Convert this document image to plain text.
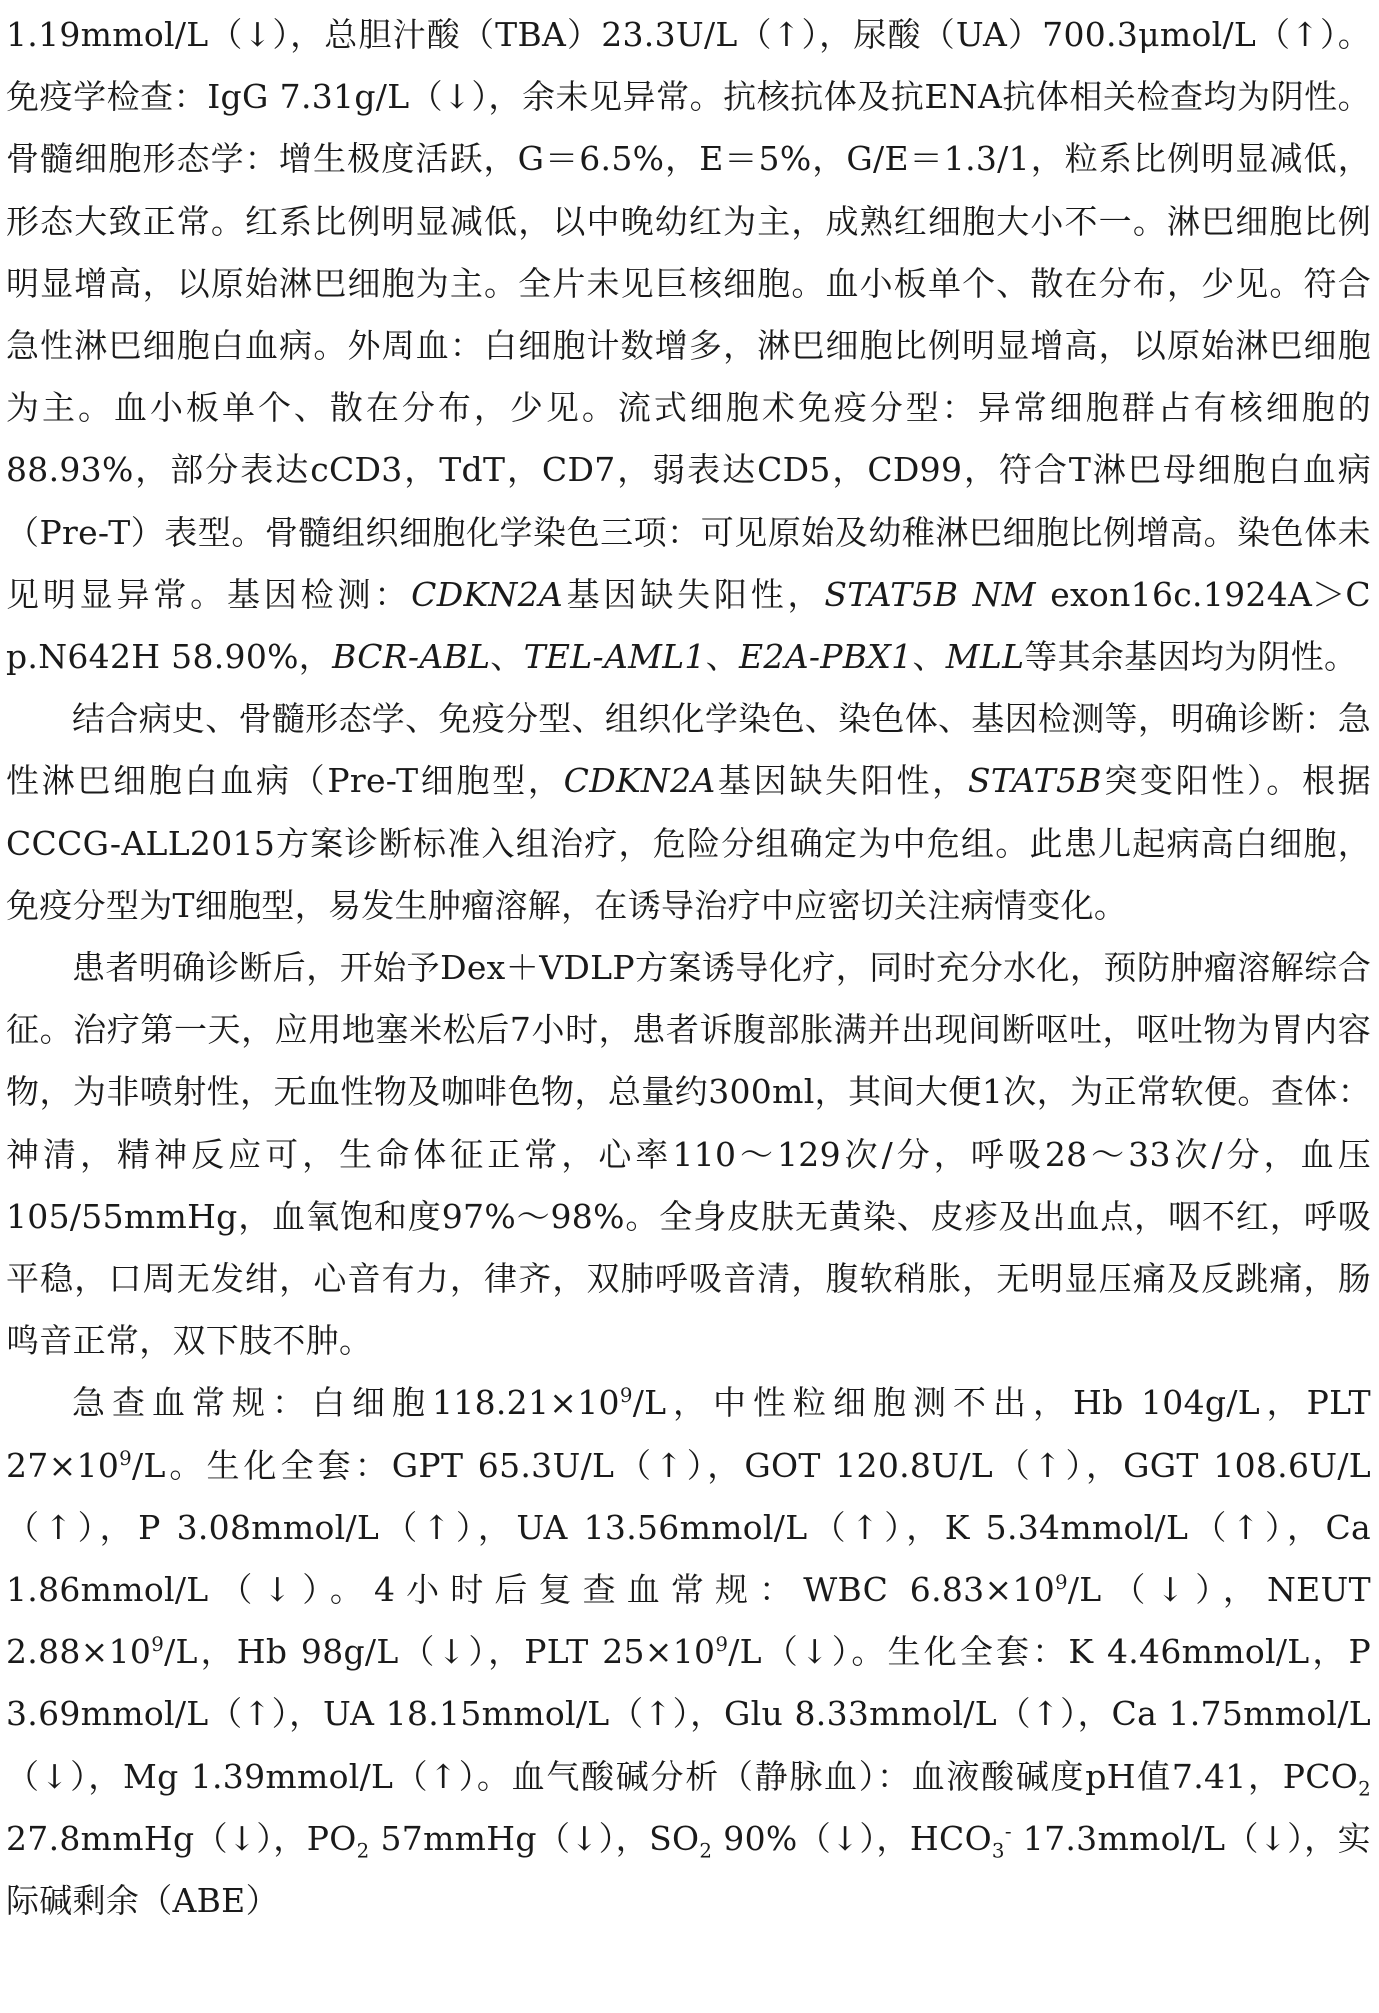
1.19mmol/L（↓），总胆汁酸（TBA）23.3U/L（↑），尿酸（UA）700.3μmol/L（↑）。免疫学检查：IgG 7.31g/L（↓），余未见异常。抗核抗体及抗ENA抗体相关检查均为阴性。骨髓细胞形态学：增生极度活跃，G＝6.5%，E＝5%，G/E＝1.3/1，粒系比例明显减低，形态大致正常。红系比例明显减低，以中晚幼红为主，成熟红细胞大小不一。淋巴细胞比例明显增高，以原始淋巴细胞为主。全片未见巨核细胞。血小板单个、散在分布，少见。符合急性淋巴细胞白血病。外周血：白细胞计数增多，淋巴细胞比例明显增高，以原始淋巴细胞为主。血小板单个、散在分布，少见。流式细胞术免疫分型：异常细胞群占有核细胞的88.93%，部分表达cCD3，TdT，CD7，弱表达CD5，CD99，符合T淋巴母细胞白血病（Pre-T）表型。骨髓组织细胞化学染色三项：可见原始及幼稚淋巴细胞比例增高。染色体未见明显异常。基因检测：CDKN2A基因缺失阳性，STAT5B NM exon16c.1924A＞C p.N642H 58.90%，BCR-ABL、TEL-AML1、E2A-PBX1、MLL等其余基因均为阴性。

结合病史、骨髓形态学、免疫分型、组织化学染色、染色体、基因检测等，明确诊断：急性淋巴细胞白血病（Pre-T细胞型，CDKN2A基因缺失阳性，STAT5B突变阳性）。根据CCCG-ALL2015方案诊断标准入组治疗，危险分组确定为中危组。此患儿起病高白细胞，免疫分型为T细胞型，易发生肿瘤溶解，在诱导治疗中应密切关注病情变化。

患者明确诊断后，开始予Dex＋VDLP方案诱导化疗，同时充分水化，预防肿瘤溶解综合征。治疗第一天，应用地塞米松后7小时，患者诉腹部胀满并出现间断呕吐，呕吐物为胃内容物，为非喷射性，无血性物及咖啡色物，总量约300ml，其间大便1次，为正常软便。查体：神清，精神反应可，生命体征正常，心率110～129次/分，呼吸28～33次/分，血压105/55mmHg，血氧饱和度97%～98%。全身皮肤无黄染、皮疹及出血点，咽不红，呼吸平稳，口周无发绀，心音有力，律齐，双肺呼吸音清，腹软稍胀，无明显压痛及反跳痛，肠鸣音正常，双下肢不肿。

急查血常规：白细胞$118.21\times 10^9/L$，中性粒细胞测不出，Hb 104g/L，PLT $27\times 10^9/L$。生化全套：GPT 65.3U/L（↑），GOT 120.8U/L（↑），GGT 108.6U/L（↑），P 3.08mmol/L（↑），UA 13.56mmol/L（↑），K 5.34mmol/L（↑），Ca 1.86mmol/L（↓）。4小时后复查血常规：WBC $6.83\times 10^9/L(↓)$，NEUT $2.88\times 10^9/L$，Hb 98g/L（↓），PLT $25\times 10^9/L(↓)$。生化全套：K 4.46mmol/L，P 3.69mmol/L（↑），UA 18.15mmol/L（↑），Glu 8.33mmol/L（↑），Ca 1.75mmol/L（↓），Mg 1.39mmol/L（↑）。血气酸碱分析（静脉血）：血液酸碱度pH值7.41，$PCO_2$ 27.8mmHg（↓），$PO_2$ 57mmHg（↓），$SO_2$ 90%（↓），$HCO_3^-$ 17.3mmol/L（↓），实际碱剩余（ABE）
